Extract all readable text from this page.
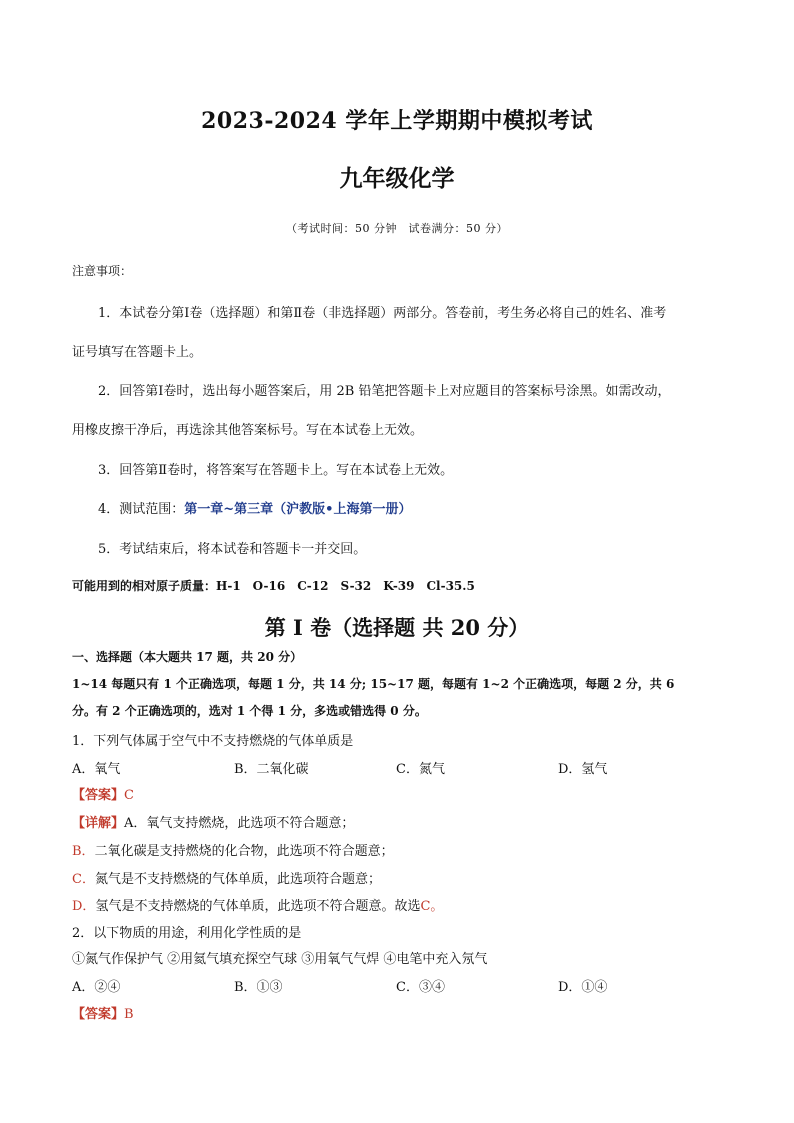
2023-2024 学年上学期期中模拟考试
九年级化学
（考试时间：50 分钟　试卷满分：50 分）
注意事项：
1．本试卷分第Ⅰ卷（选择题）和第Ⅱ卷（非选择题）两部分。答卷前，考生务必将自己的姓名、准考
证号填写在答题卡上。
2．回答第Ⅰ卷时，选出每小题答案后，用 2B 铅笔把答题卡上对应题目的答案标号涂黑。如需改动，
用橡皮擦干净后，再选涂其他答案标号。写在本试卷上无效。
3．回答第Ⅱ卷时，将答案写在答题卡上。写在本试卷上无效。
4．测试范围：第一章~第三章（沪教版•上海第一册）
5．考试结束后，将本试卷和答题卡一并交回。
可能用到的相对原子质量：H-1　O-16　C-12　S-32　K-39　Cl-35.5
第 I 卷（选择题 共 20 分）
一、选择题（本大题共 17 题，共 20 分）
1~14 每题只有 1 个正确选项，每题 1 分，共 14 分; 15~17 题，每题有 1~2 个正确选项，每题 2 分，共 6
分。有 2 个正确选项的，选对 1 个得 1 分，多选或错选得 0 分。
1．下列气体属于空气中不支持燃烧的气体单质是
A．氧气	B．二氧化碳	C．氮气	D．氢气
【答案】C
【详解】A．氧气支持燃烧，此选项不符合题意；
B．二氧化碳是支持燃烧的化合物，此选项不符合题意；
C．氮气是不支持燃烧的气体单质，此选项符合题意；
D．氢气是不支持燃烧的气体单质，此选项不符合题意。故选C。
2．以下物质的用途，利用化学性质的是
①氮气作保护气 ②用氦气填充探空气球 ③用氧气气焊 ④电笔中充入氖气
A．②④	B．①③	C．③④	D．①④
【答案】B
